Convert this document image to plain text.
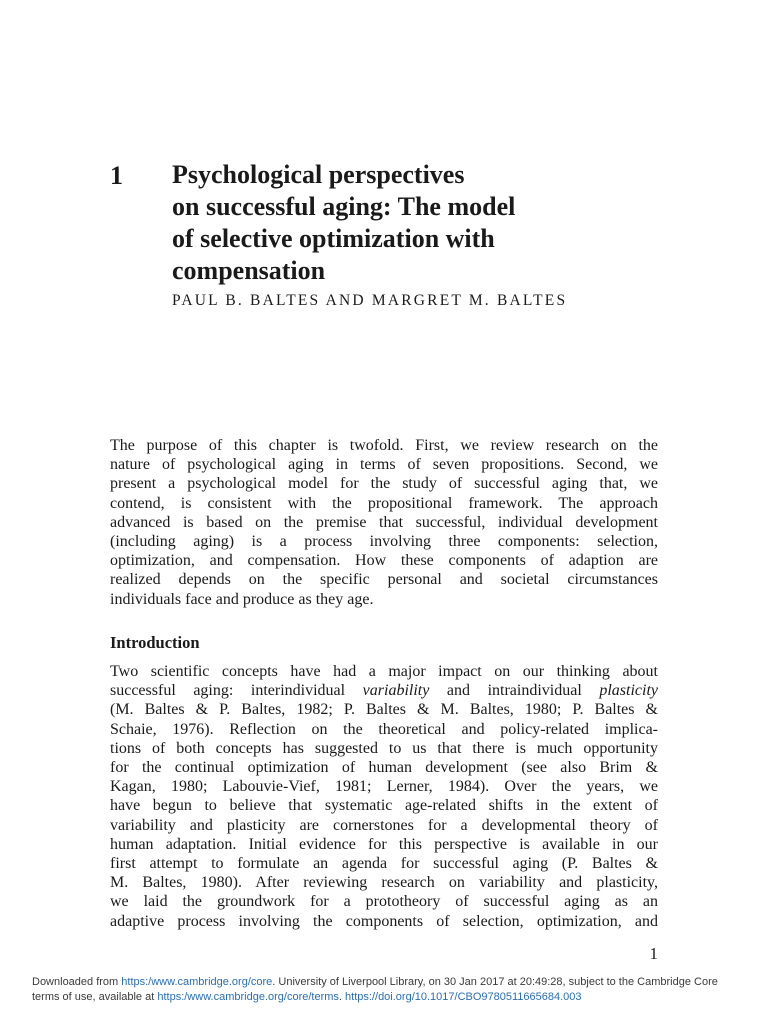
1 Psychological perspectives
on successful aging: The model
of selective optimization with
compensation
PAUL B. BALTES AND MARGRET M. BALTES
The purpose of this chapter is twofold. First, we review research on the
nature of psychological aging in terms of seven propositions. Second, we
present a psychological model for the study of successful aging that, we
contend, is consistent with the propositional framework. The approach
advanced is based on the premise that successful, individual development
(including aging) is a process involving three components: selection,
optimization, and compensation. How these components of adaption are
realized depends on the specific personal and societal circumstances
individuals face and produce as they age.
Introduction
Two scientific concepts have had a major impact on our thinking about
successful aging: interindividual variability and intraindividual plasticity
(M. Baltes & P. Baltes, 1982; P. Baltes & M. Baltes, 1980; P. Baltes &
Schaie, 1976). Reflection on the theoretical and policy-related implica-
tions of both concepts has suggested to us that there is much opportunity
for the continual optimization of human development (see also Brim &
Kagan, 1980; Labouvie-Vief, 1981; Lerner, 1984). Over the years, we
have begun to believe that systematic age-related shifts in the extent of
variability and plasticity are cornerstones for a developmental theory of
human adaptation. Initial evidence for this perspective is available in our
first attempt to formulate an agenda for successful aging (P. Baltes &
M. Baltes, 1980). After reviewing research on variability and plasticity,
we laid the groundwork for a prototheory of successful aging as an
adaptive process involving the components of selection, optimization, and
1
Downloaded from https:/www.cambridge.org/core. University of Liverpool Library, on 30 Jan 2017 at 20:49:28, subject to the Cambridge Core
terms of use, available at https:/www.cambridge.org/core/terms. https://doi.org/10.1017/CBO9780511665684.003
